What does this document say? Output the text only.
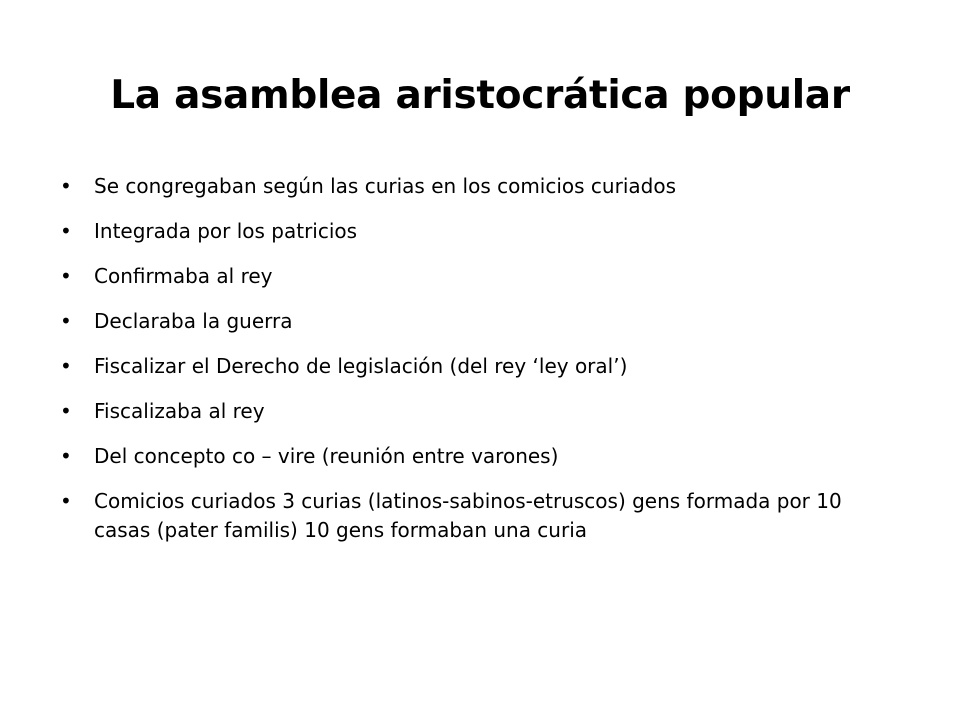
La asamblea aristocrática popular
• Se congregaban según las curias en los comicios curiados
• Integrada por los patricios
• Confirmaba al rey
• Declaraba la guerra
• Fiscalizar el Derecho de legislación (del rey ‘ley oral’)
• Fiscalizaba al rey
• Del concepto co – vire (reunión entre varones)
• Comicios curiados 3 curias (latinos-sabinos-etruscos) gens formada por 10 casas (pater familis) 10 gens formaban una curia
